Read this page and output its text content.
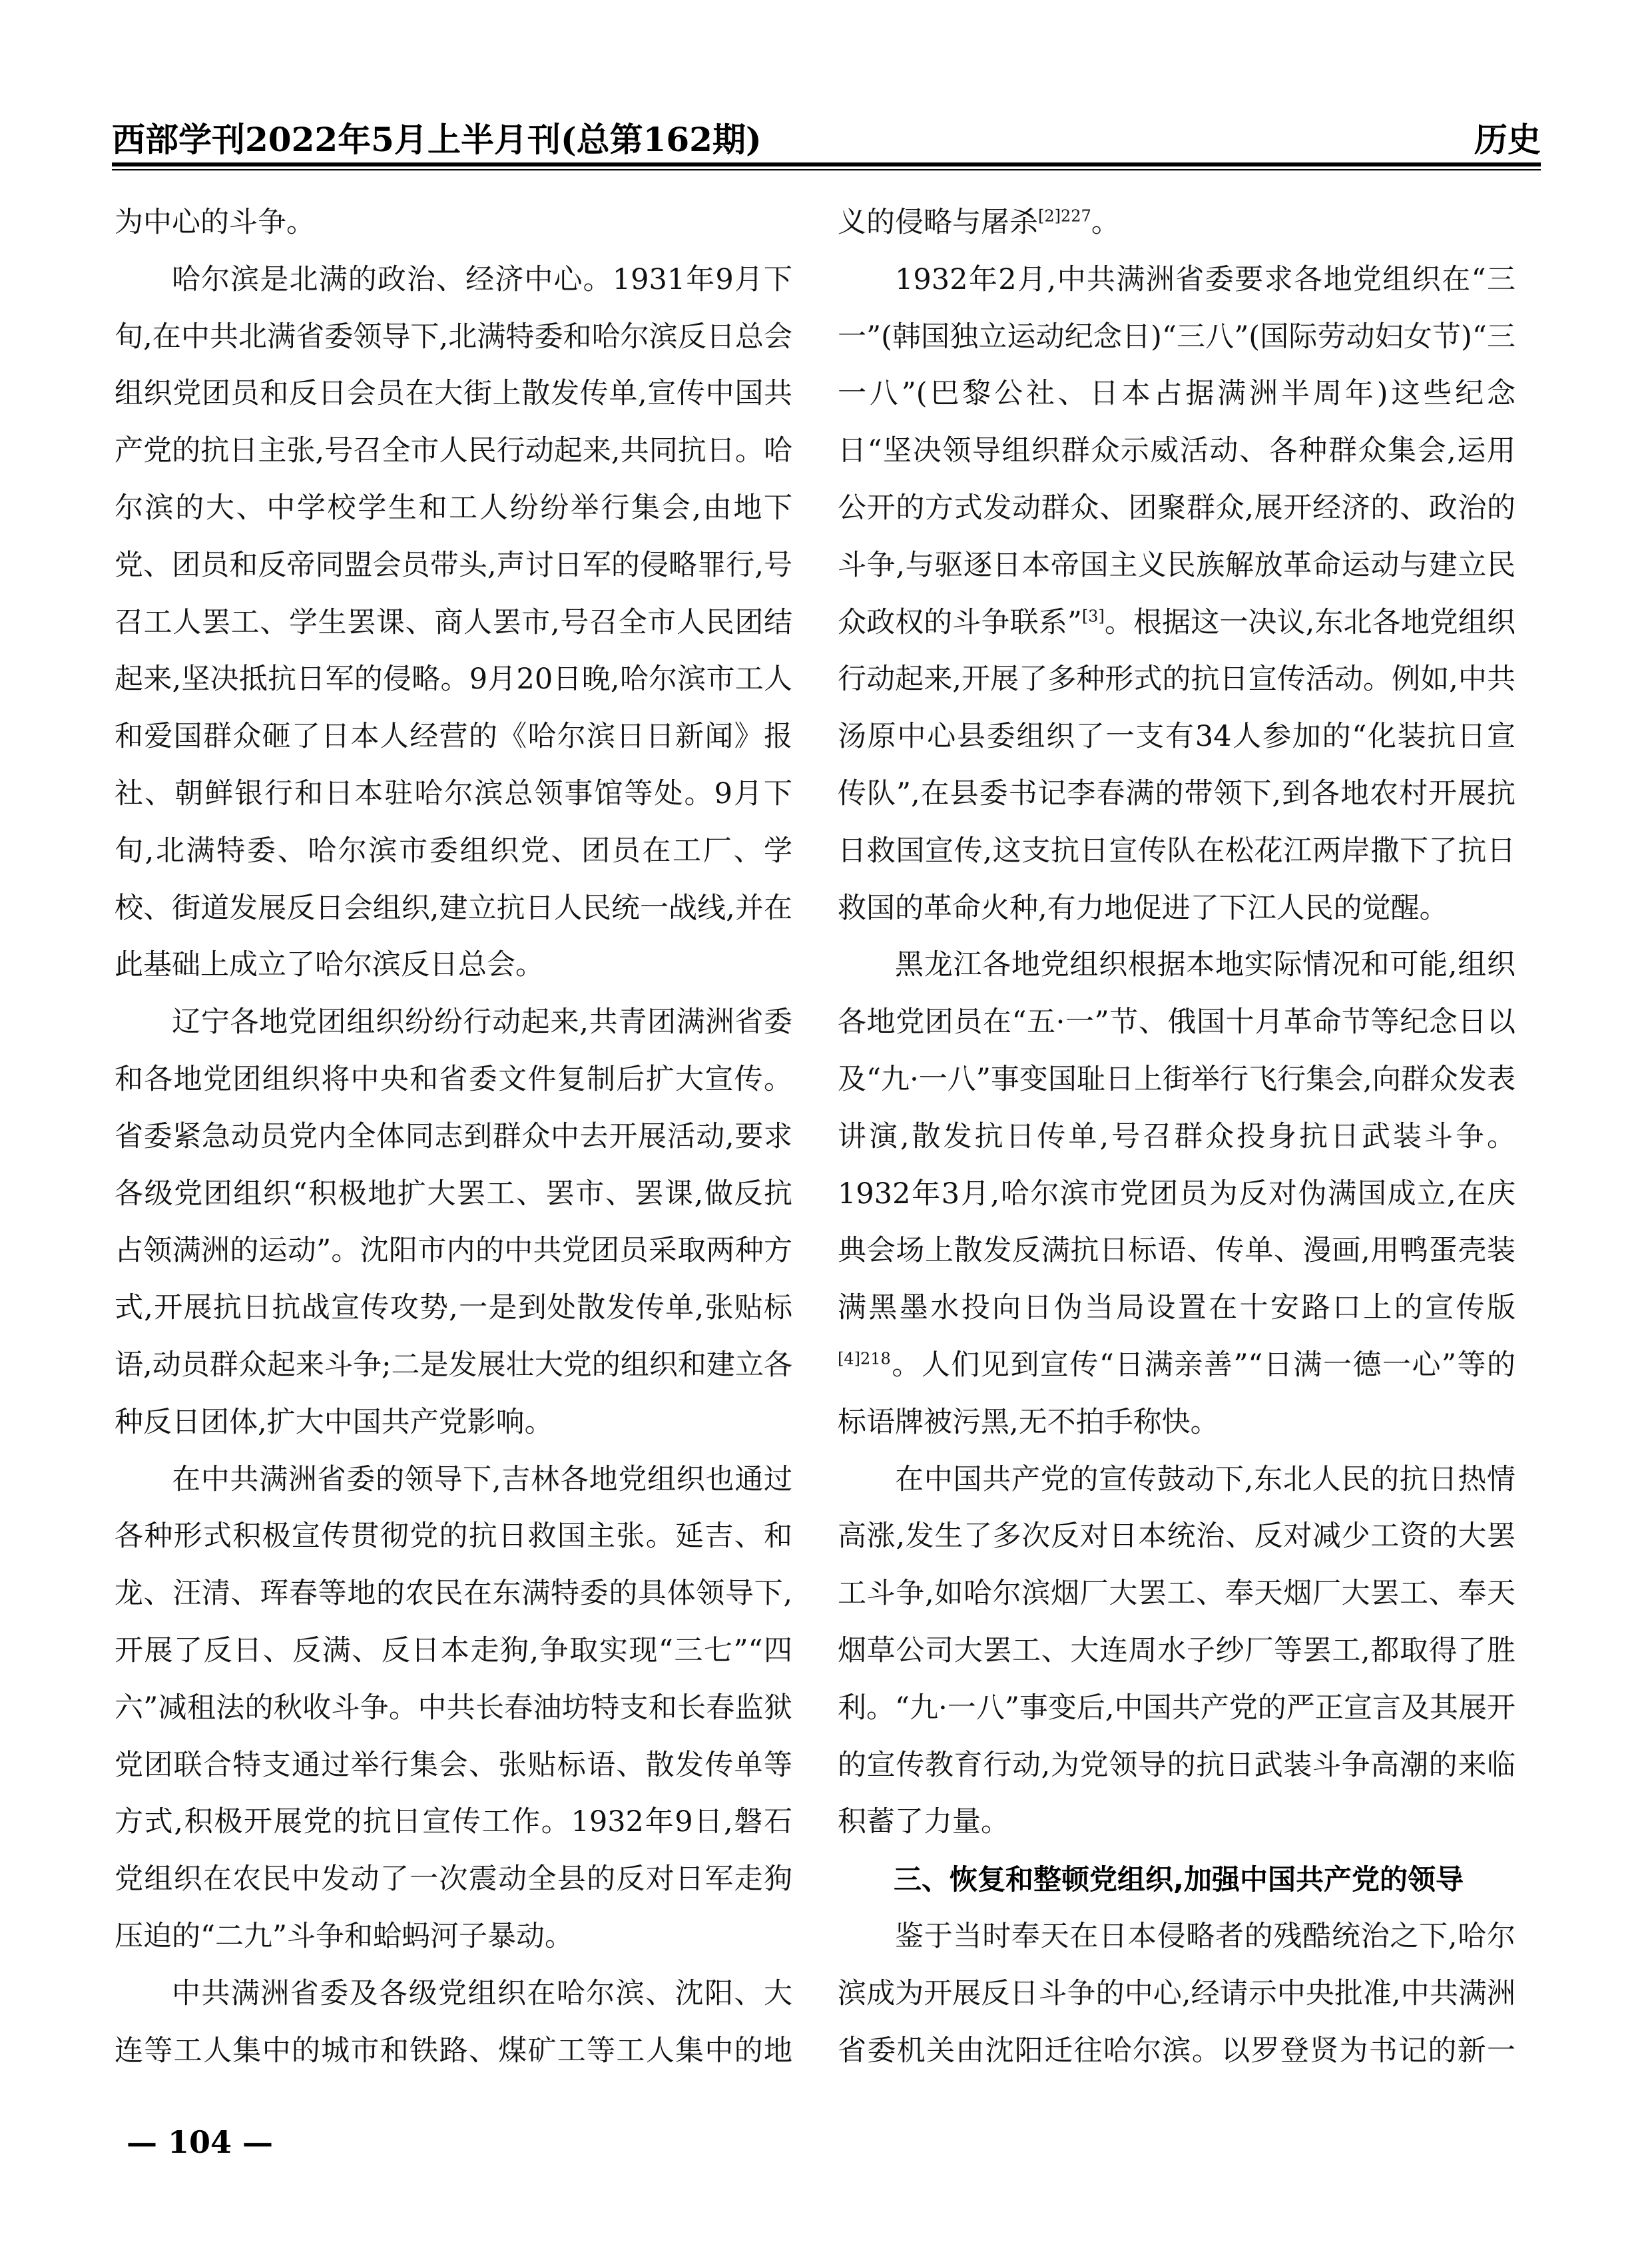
西部学刊2022年5月上半月刊(总第162期)	历史

为中心的斗争。

哈尔滨是北满的政治、经济中心。1931年9月下旬,在中共北满省委领导下,北满特委和哈尔滨反日总会组织党团员和反日会员在大街上散发传单,宣传中国共产党的抗日主张,号召全市人民行动起来,共同抗日。哈尔滨的大、中学校学生和工人纷纷举行集会,由地下党、团员和反帝同盟会员带头,声讨日军的侵略罪行,号召工人罢工、学生罢课、商人罢市,号召全市人民团结起来,坚决抵抗日军的侵略。9月20日晚,哈尔滨市工人和爱国群众砸了日本人经营的《哈尔滨日日新闻》报社、朝鲜银行和日本驻哈尔滨总领事馆等处。9月下旬,北满特委、哈尔滨市委组织党、团员在工厂、学校、街道发展反日会组织,建立抗日人民统一战线,并在此基础上成立了哈尔滨反日总会。

辽宁各地党团组织纷纷行动起来,共青团满洲省委和各地党团组织将中央和省委文件复制后扩大宣传。省委紧急动员党内全体同志到群众中去开展活动,要求各级党团组织“积极地扩大罢工、罢市、罢课,做反抗占领满洲的运动”。沈阳市内的中共党团员采取两种方式,开展抗日抗战宣传攻势,一是到处散发传单,张贴标语,动员群众起来斗争;二是发展壮大党的组织和建立各种反日团体,扩大中国共产党影响。

在中共满洲省委的领导下,吉林各地党组织也通过各种形式积极宣传贯彻党的抗日救国主张。延吉、和龙、汪清、珲春等地的农民在东满特委的具体领导下,开展了反日、反满、反日本走狗,争取实现“三七”“四六”减租法的秋收斗争。中共长春油坊特支和长春监狱党团联合特支通过举行集会、张贴标语、散发传单等方式,积极开展党的抗日宣传工作。1932年9日,磐石党组织在农民中发动了一次震动全县的反对日军走狗压迫的“二九”斗争和蛤蚂河子暴动。

中共满洲省委及各级党组织在哈尔滨、沈阳、大连等工人集中的城市和铁路、煤矿工等工人集中的地

义的侵略与屠杀$^{[2]227}$。

1932年2月,中共满洲省委要求各地党组织在“三一”(韩国独立运动纪念日)“三八”(国际劳动妇女节)“三一八”(巴黎公社、日本占据满洲半周年)这些纪念日“坚决领导组织群众示威活动、各种群众集会,运用公开的方式发动群众、团聚群众,展开经济的、政治的斗争,与驱逐日本帝国主义民族解放革命运动与建立民众政权的斗争联系”[3]。根据这一决议,东北各地党组织行动起来,开展了多种形式的抗日宣传活动。例如,中共汤原中心县委组织了一支有34人参加的“化装抗日宣传队”,在县委书记李春满的带领下,到各地农村开展抗日救国宣传,这支抗日宣传队在松花江两岸撒下了抗日救国的革命火种,有力地促进了下江人民的觉醒。

黑龙江各地党组织根据本地实际情况和可能,组织各地党团员在“五·一”节、俄国十月革命节等纪念日以及“九·一八”事变国耻日上街举行飞行集会,向群众发表讲演,散发抗日传单,号召群众投身抗日武装斗争。1932年3月,哈尔滨市党团员为反对伪满国成立,在庆典会场上散发反满抗日标语、传单、漫画,用鸭蛋壳装满黑墨水投向日伪当局设置在十安路口上的宣传版$^{[4]218}$。人们见到宣传“日满亲善”“日满一德一心”等的标语牌被污黑,无不拍手称快。

在中国共产党的宣传鼓动下,东北人民的抗日热情高涨,发生了多次反对日本统治、反对减少工资的大罢工斗争,如哈尔滨烟厂大罢工、奉天烟厂大罢工、奉天烟草公司大罢工、大连周水子纱厂等罢工,都取得了胜利。“九·一八”事变后,中国共产党的严正宣言及其展开的宣传教育行动,为党领导的抗日武装斗争高潮的来临积蓄了力量。

三、恢复和整顿党组织,加强中国共产党的领导

鉴于当时奉天在日本侵略者的残酷统治之下,哈尔滨成为开展反日斗争的中心,经请示中央批准,中共满洲省委机关由沈阳迁往哈尔滨。以罗登贤为书记的新一

— 104 —
